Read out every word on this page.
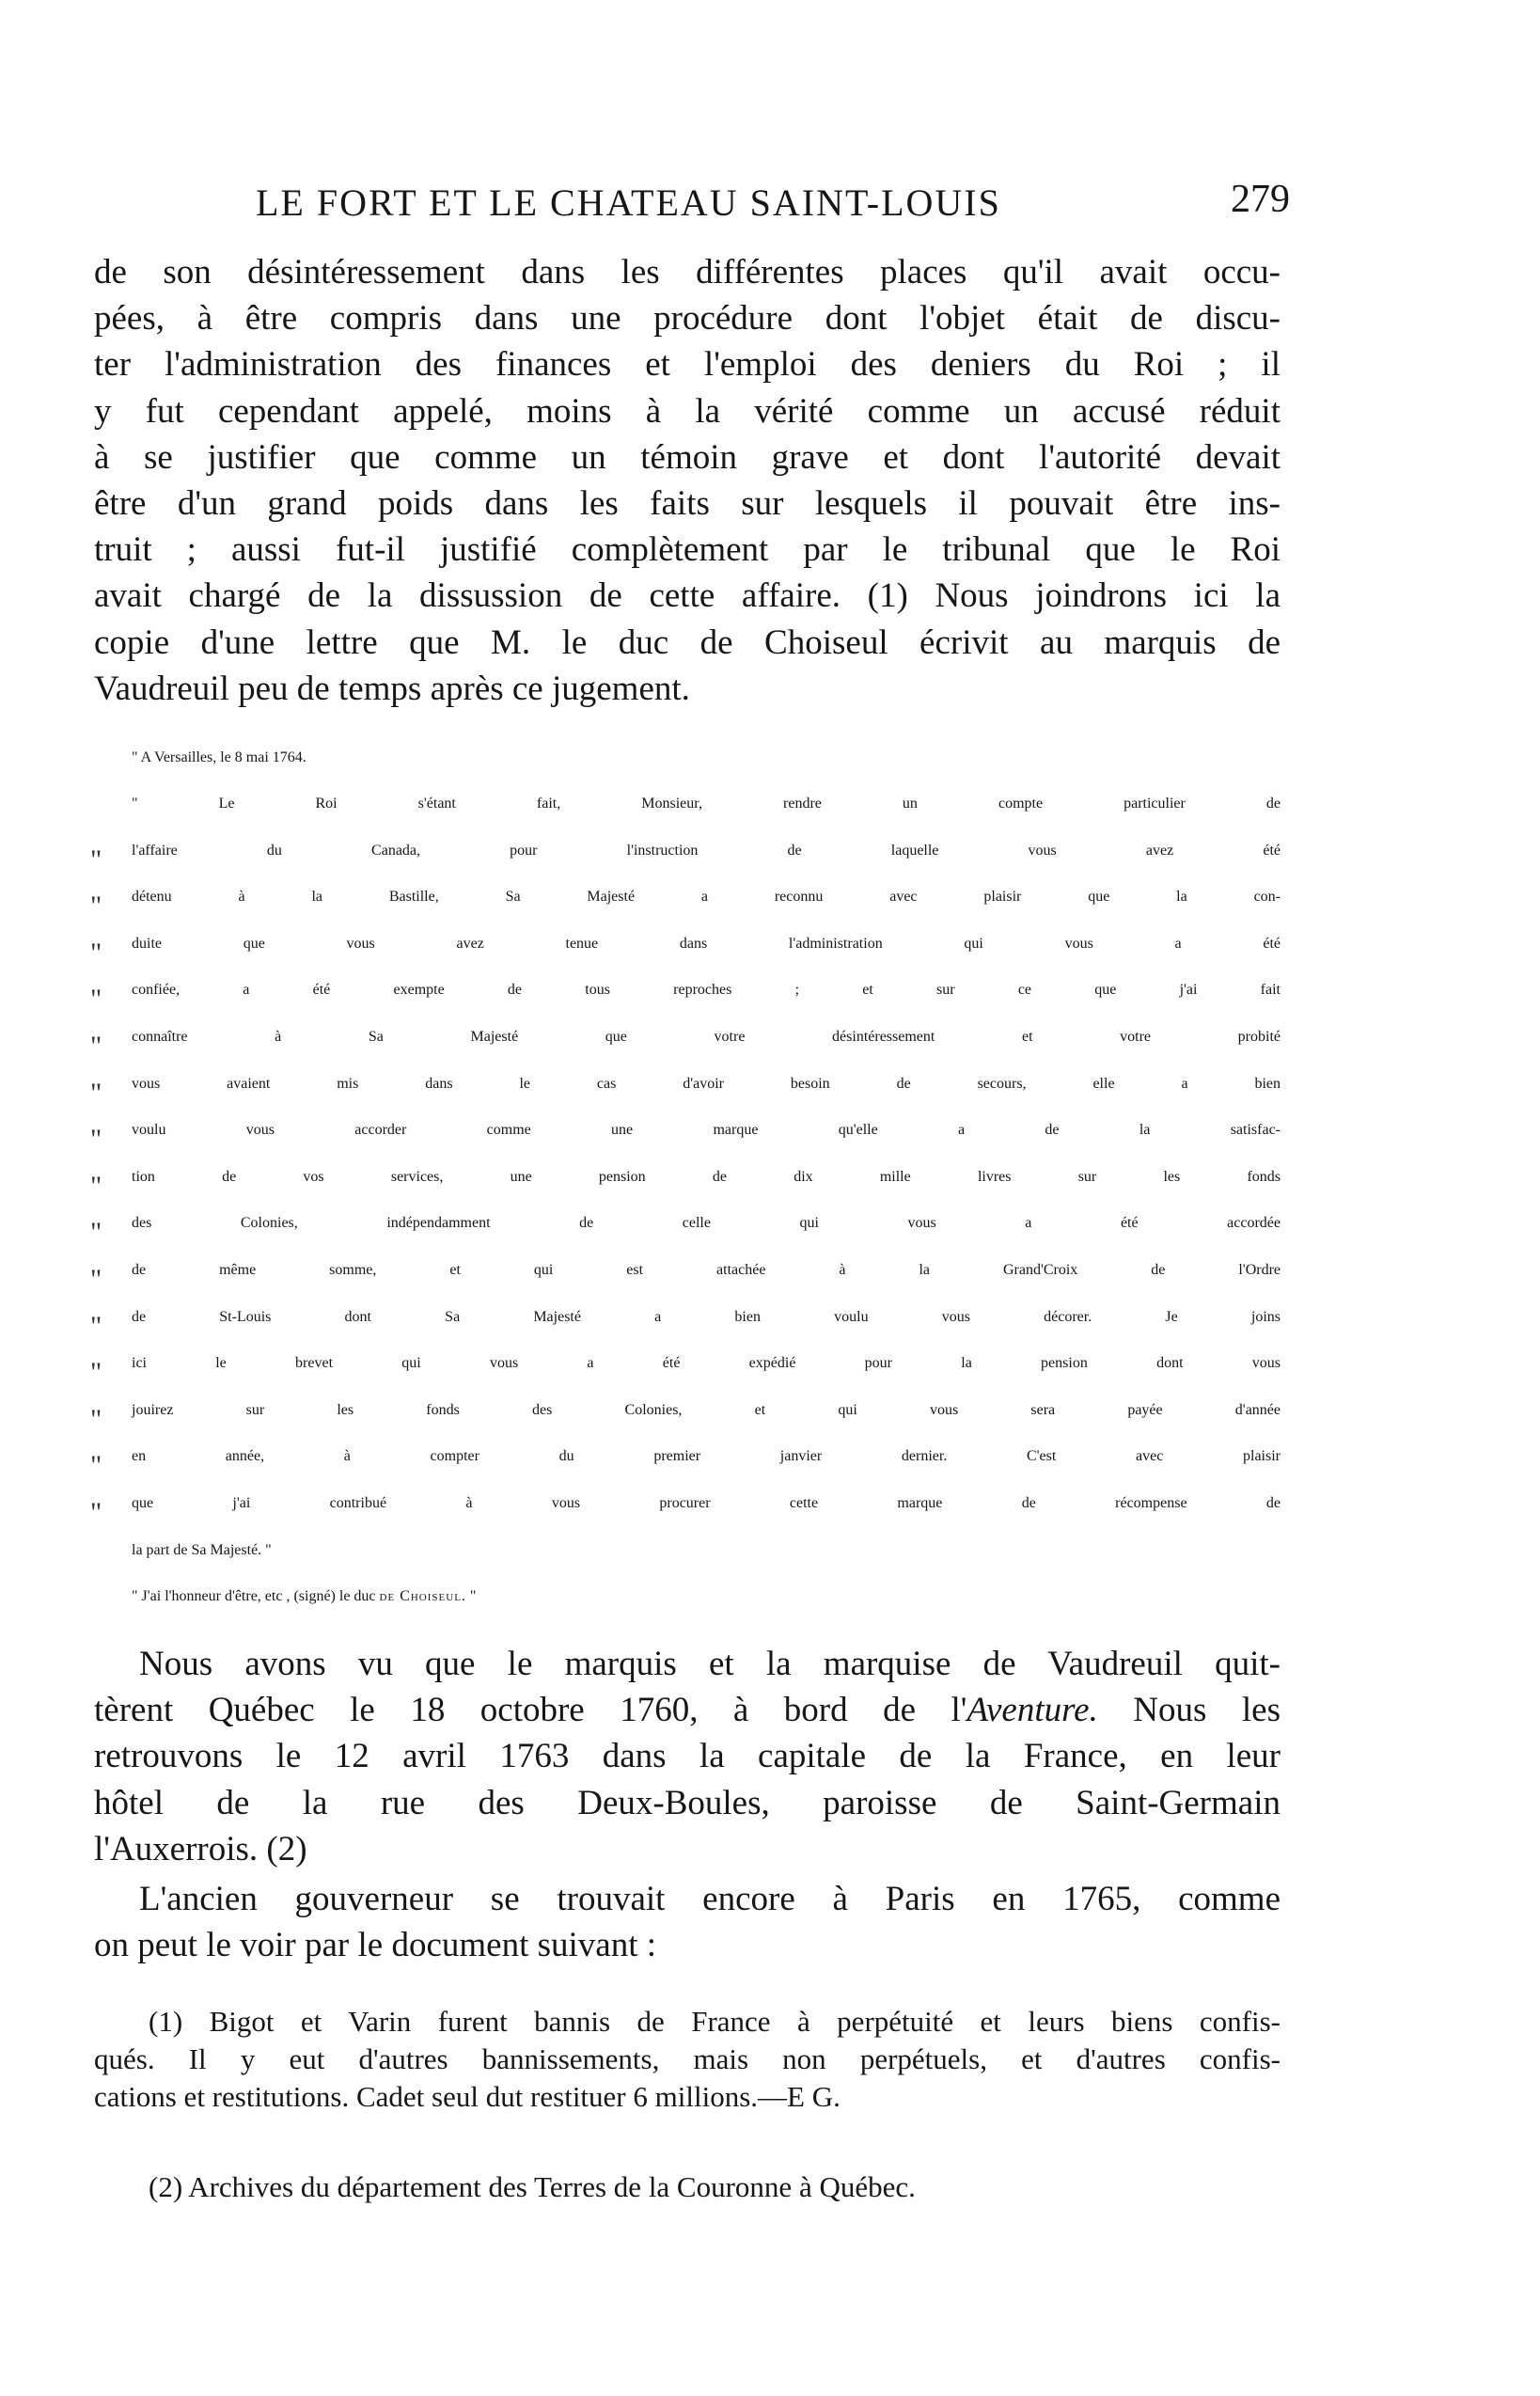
LE FORT ET LE CHATEAU SAINT-LOUIS	279
de son désintéressement dans les différentes places qu'il avait occu-
pées, à être compris dans une procédure dont l'objet était de discu-
ter l'administration des finances et l'emploi des deniers du Roi ; il
y fut cependant appelé, moins à la vérité comme un accusé réduit
à se justifier que comme un témoin grave et dont l'autorité devait
être d'un grand poids dans les faits sur lesquels il pouvait être ins-
truit ; aussi fut-il justifié complètement par le tribunal que le Roi
avait chargé de la dissussion de cette affaire. (1) Nous joindrons ici la
copie d'une lettre que M. le duc de Choiseul écrivit au marquis de
Vaudreuil peu de temps après ce jugement.
" A Versailles, le 8 mai 1764.
" Le Roi s'étant fait, Monsieur, rendre un compte particulier de
" l'affaire du Canada, pour l'instruction de laquelle vous avez été
" détenu à la Bastille, Sa Majesté a reconnu avec plaisir que la con-
" duite que vous avez tenue dans l'administration qui vous a été
" confiée, a été exempte de tous reproches ; et sur ce que j'ai fait
" connaître à Sa Majesté que votre désintéressement et votre probité
" vous avaient mis dans le cas d'avoir besoin de secours, elle a bien
" voulu vous accorder comme une marque qu'elle a de la satisfac-
" tion de vos services, une pension de dix mille livres sur les fonds
" des Colonies, indépendamment de celle qui vous a été accordée
" de même somme, et qui est attachée à la Grand'Croix de l'Ordre
" de St-Louis dont Sa Majesté a bien voulu vous décorer. Je joins
" ici le brevet qui vous a été expédié pour la pension dont vous
" jouirez sur les fonds des Colonies, et qui vous sera payée d'année
" en année, à compter du premier janvier dernier. C'est avec plaisir
" que j'ai contribué à vous procurer cette marque de récompense de
la part de Sa Majesté. "
" J'ai l'honneur d'être, etc , (signé) le duc de Choiseul. "
Nous avons vu que le marquis et la marquise de Vaudreuil quit-
tèrent Québec le 18 octobre 1760, à bord de l'Aventure. Nous les
retrouvons le 12 avril 1763 dans la capitale de la France, en leur
hôtel de la rue des Deux-Boules, paroisse de Saint-Germain
l'Auxerrois. (2)
L'ancien gouverneur se trouvait encore à Paris en 1765, comme
on peut le voir par le document suivant :
(1) Bigot et Varin furent bannis de France à perpétuité et leurs biens confis-
qués. Il y eut d'autres bannissements, mais non perpétuels, et d'autres confis-
cations et restitutions. Cadet seul dut restituer 6 millions.—E G.
(2) Archives du département des Terres de la Couronne à Québec.
